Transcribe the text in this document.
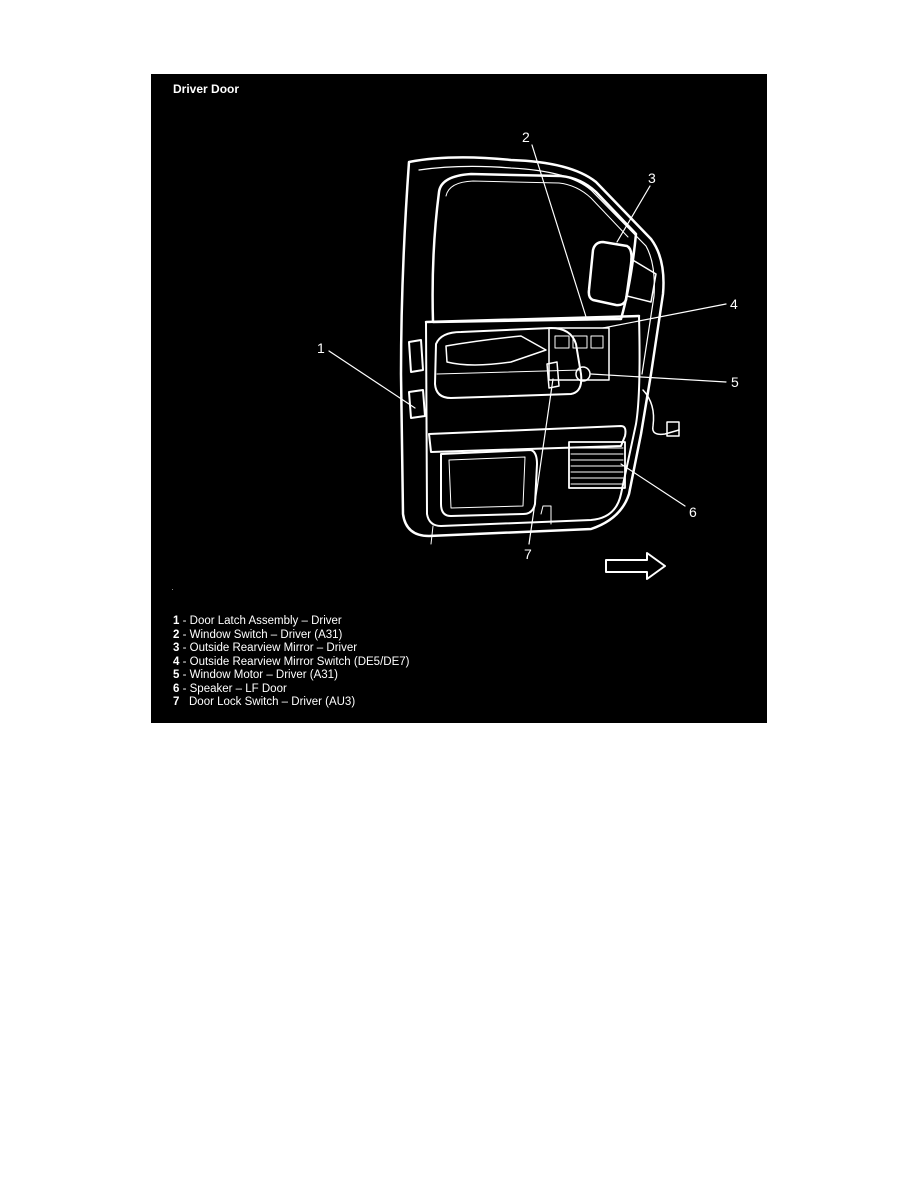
Driver Door
1
2
3
4
5
6
7
1 - Door Latch Assembly – Driver
2 - Window Switch – Driver (A31)
3 - Outside Rearview Mirror – Driver
4 - Outside Rearview Mirror Switch (DE5/DE7)
5 - Window Motor – Driver (A31)
6 - Speaker – LF Door
7 Door Lock Switch – Driver (AU3)
